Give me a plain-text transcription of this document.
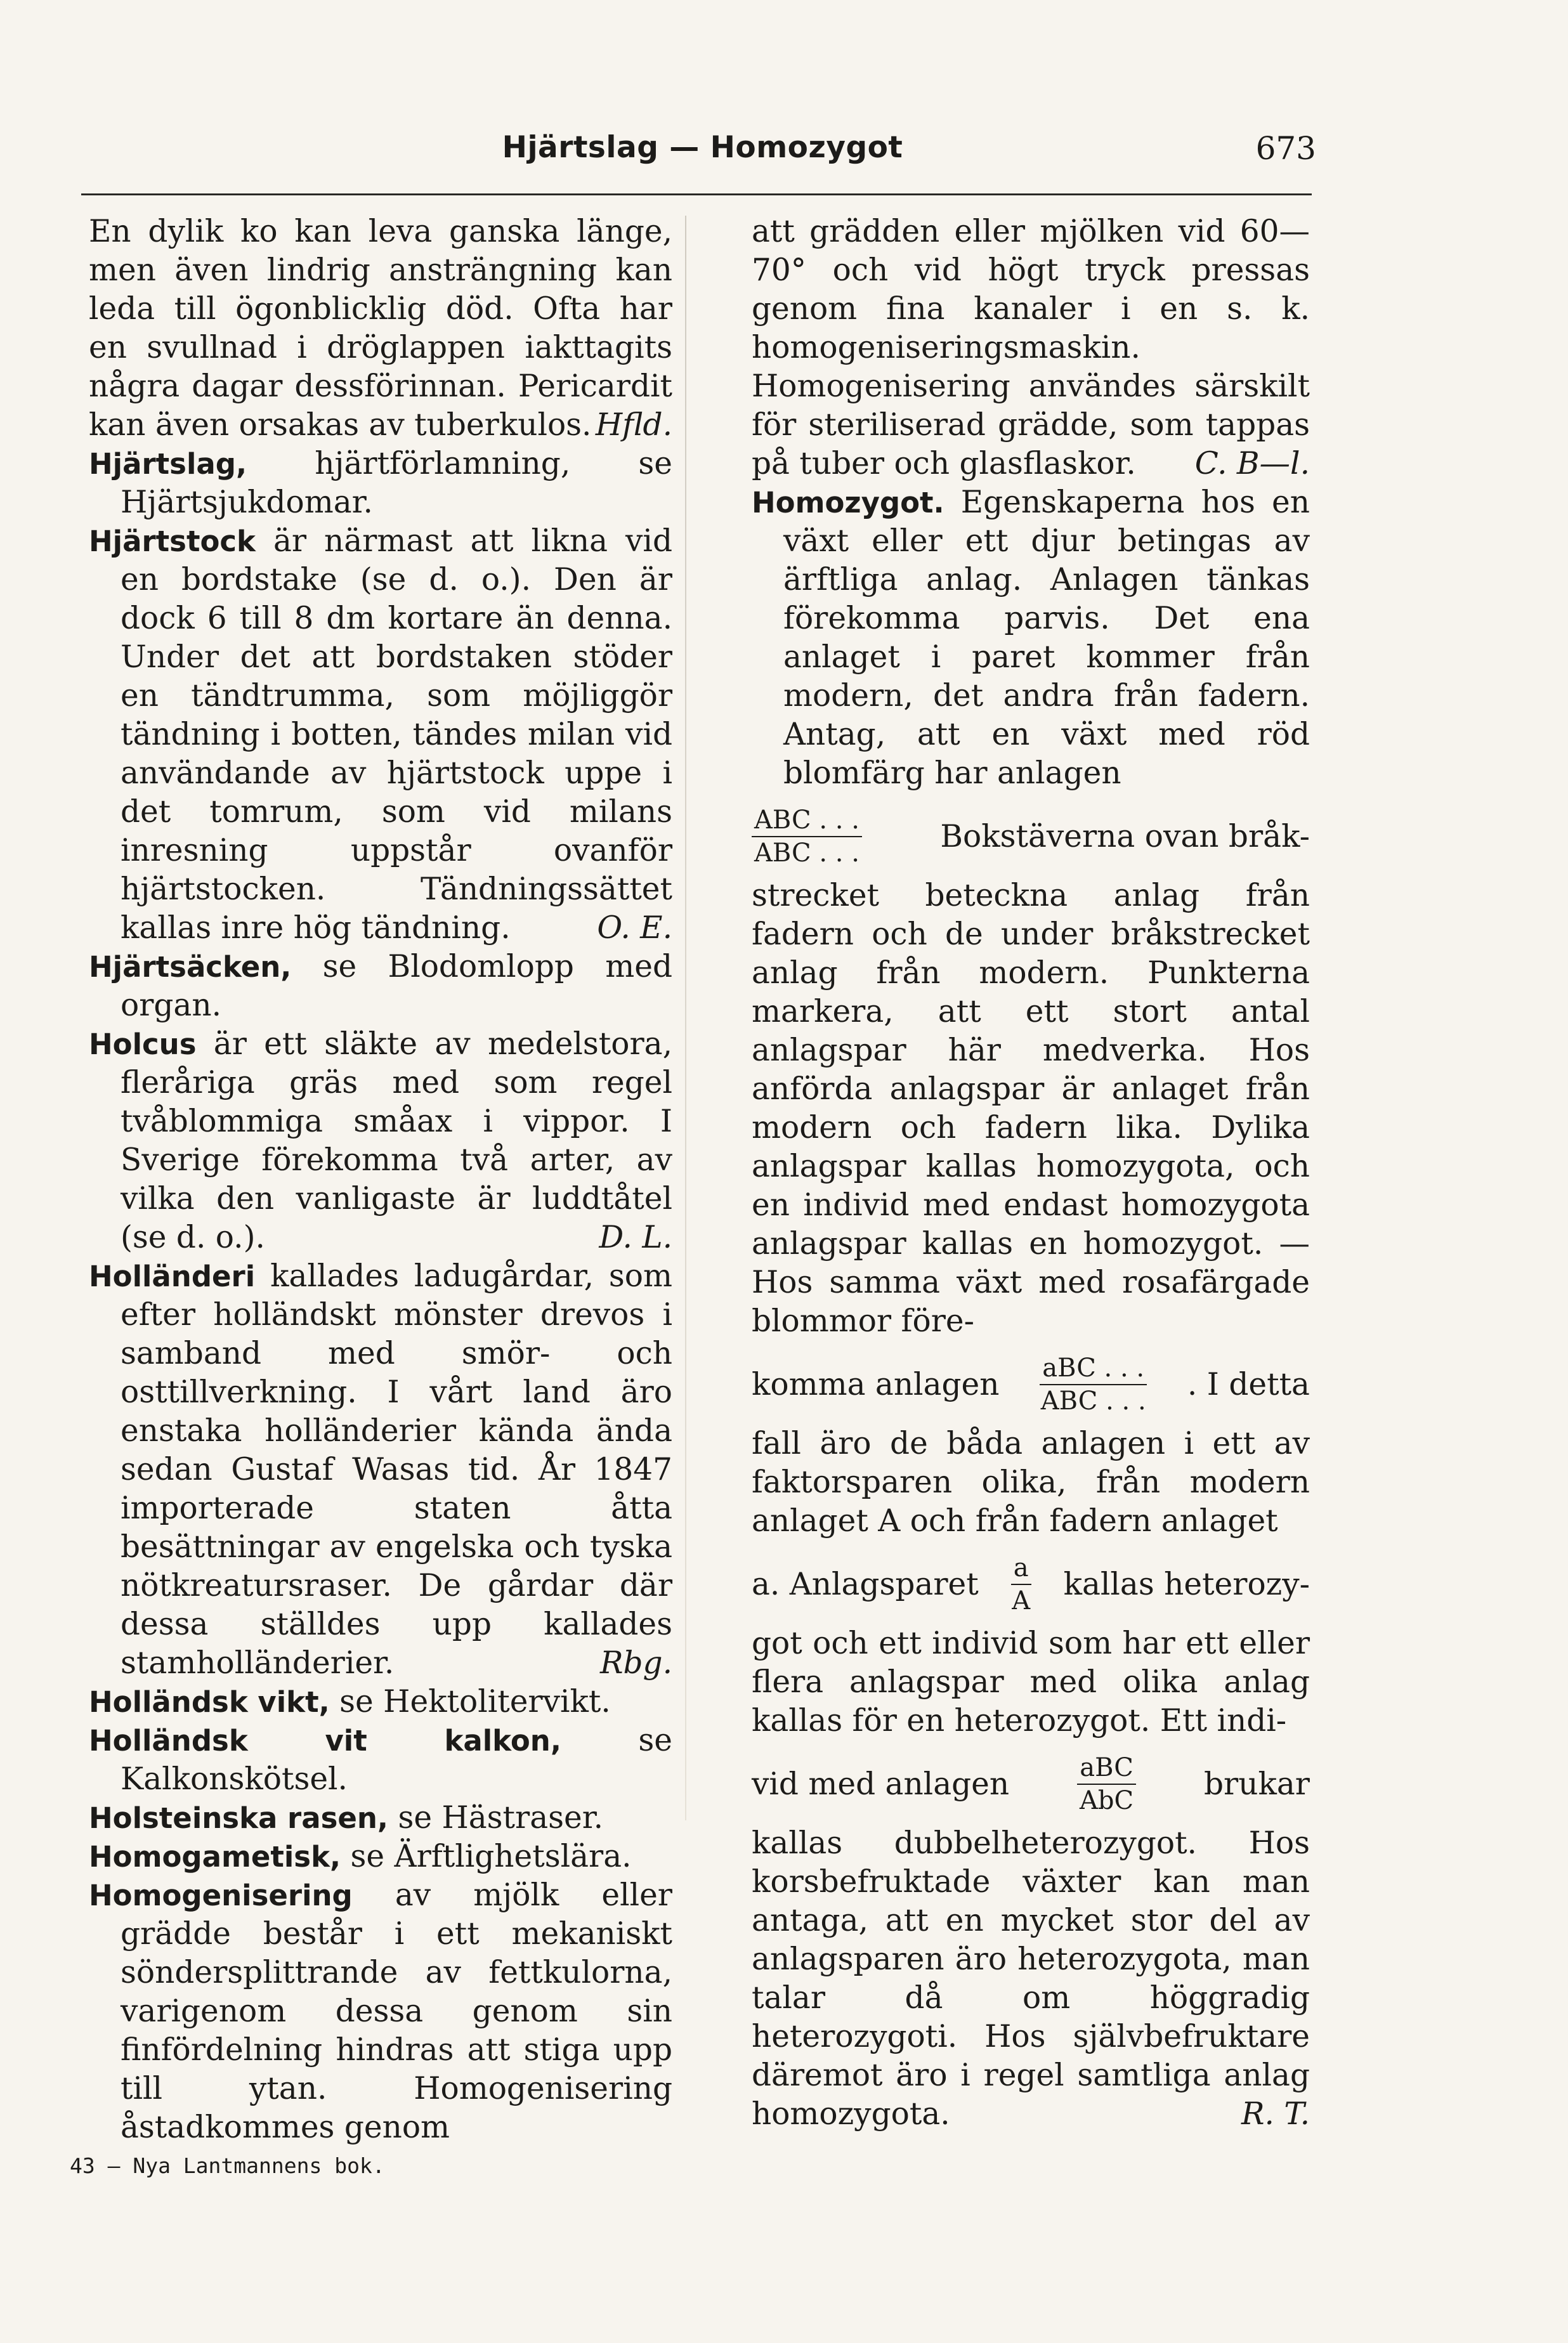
Hjärtslag — Homozygot	673

En dylik ko kan leva ganska länge, men även lindrig ansträngning kan leda till ögonblicklig död. Ofta har en svullnad i dröglappen iakttagits några dagar dessförinnan. Pericardit kan även orsakas av tuberkulos. Hfld.

Hjärtslag, hjärtförlamning, se Hjärtsjukdomar.

Hjärtstock är närmast att likna vid en bordstake (se d. o.). Den är dock 6 till 8 dm kortare än denna. Under det att bordstaken stöder en tändtrumma, som möjliggör tändning i botten, tändes milan vid användande av hjärtstock uppe i det tomrum, som vid milans inresning uppstår ovanför hjärtstocken. Tändningssättet kallas inre hög tändning.	O. E.

Hjärtsäcken, se Blodomlopp med organ.

Holcus är ett släkte av medelstora, fleråriga gräs med som regel tvåblommiga småax i vippor. I Sverige förekomma två arter, av vilka den vanligaste är luddtåtel (se d. o.).	D. L.

Holländeri kallades ladugårdar, som efter holländskt mönster drevos i samband med smör- och osttillverkning. I vårt land äro enstaka holländerier kända ända sedan Gustaf Wasas tid. År 1847 importerade staten åtta besättningar av engelska och tyska nötkreatursraser. De gårdar där dessa ställdes upp kallades stamholländerier.	Rbg.

Holländsk vikt, se Hektolitervikt.

Holländsk vit kalkon, se Kalkonskötsel.

Holsteinska rasen, se Hästraser.

Homogametisk, se Ärftlighetslära.

Homogenisering av mjölk eller grädde består i ett mekaniskt söndersplittrande av fettkulorna, varigenom dessa genom sin finfördelning hindras att stiga upp till ytan. Homogenisering åstadkommes genom

att grädden eller mjölken vid 60—70° och vid högt tryck pressas genom fina kanaler i en s. k. homogeniseringsmaskin. Homogenisering användes särskilt för steriliserad grädde, som tappas på tuber och glasflaskor. C. B—l.

Homozygot. Egenskaperna hos en växt eller ett djur betingas av ärftliga anlag. Anlagen tänkas förekomma parvis. Det ena anlaget i paret kommer från modern, det andra från fadern. Antag, att en växt med röd blomfärg har anlagen

$\frac{\text{ABC . . .}}{\text{ABC . . .}}$	Bokstäverna ovan bråk-

strecket beteckna anlag från fadern och de under bråkstrecket anlag från modern. Punkterna markera, att ett stort antal anlagspar här medverka. Hos anförda anlagspar är anlaget från modern och fadern lika. Dylika anlagspar kallas homozygota, och en individ med endast homozygota anlagspar kallas en homozygot. — Hos samma växt med rosafärgade blommor före-

komma anlagen $\frac{\text{aBC . . .}}{\text{ABC . . .}}$ . I detta

fall äro de båda anlagen i ett av faktorsparen olika, från modern anlaget A och från fadern anlaget

a. Anlagsparet $\frac{a}{A}$ kallas heterozy-

got och ett individ som har ett eller flera anlagspar med olika anlag kallas för en heterozygot. Ett indi-

vid med anlagen	$\frac{\text{aBC}}{\text{AbC}}$ brukar

kallas dubbelheterozygot. Hos korsbefruktade växter kan man antaga, att en mycket stor del av anlagsparen äro heterozygota, man talar då om höggradig heterozygoti. Hos självbefruktare däremot äro i regel samtliga anlag homozygota.	R. T.

43 — Nya Lantmannens bok.
